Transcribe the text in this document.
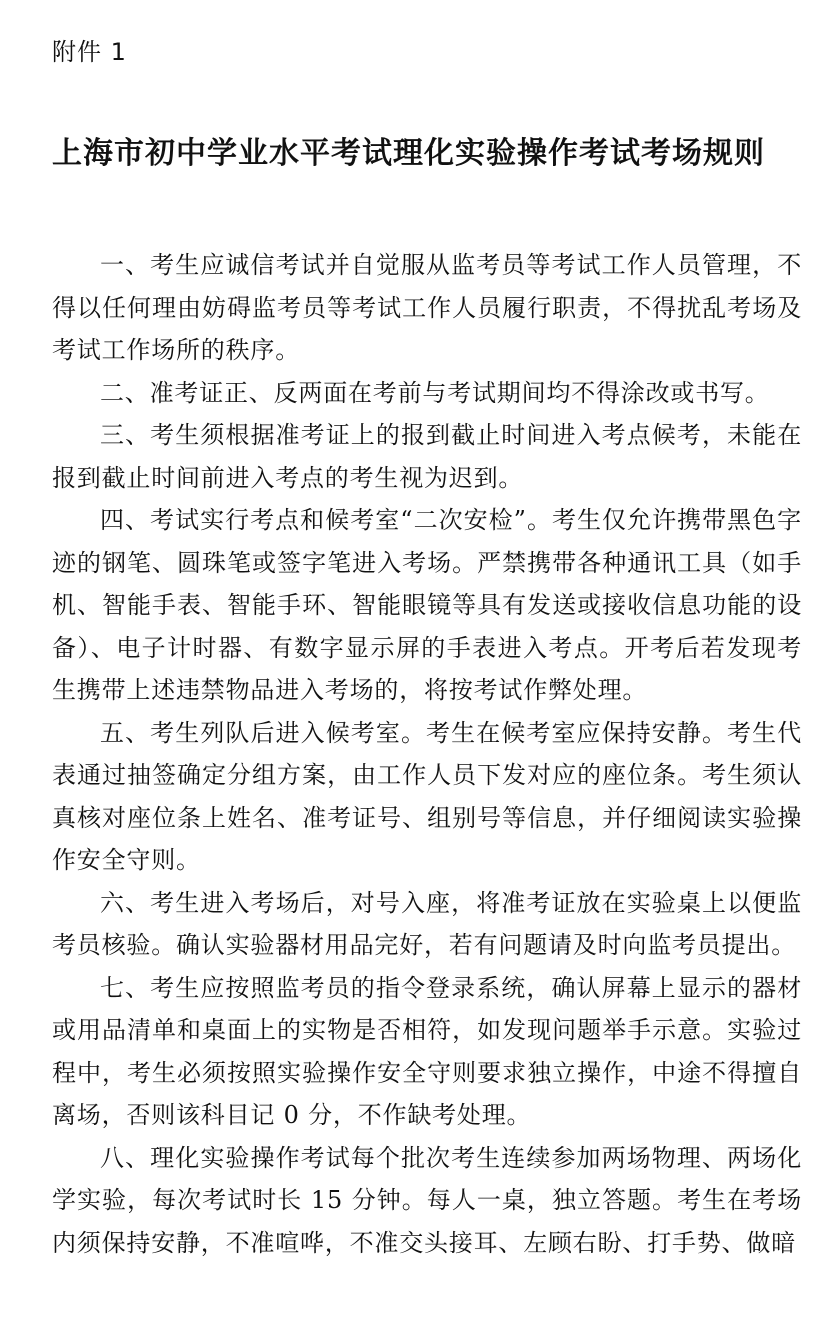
附件 1
上海市初中学业水平考试理化实验操作考试考场规则

一、考生应诚信考试并自觉服从监考员等考试工作人员管理，不得以任何理由妨碍监考员等考试工作人员履行职责，不得扰乱考场及考试工作场所的秩序。

二、准考证正、反两面在考前与考试期间均不得涂改或书写。

三、考生须根据准考证上的报到截止时间进入考点候考，未能在报到截止时间前进入考点的考生视为迟到。

四、考试实行考点和候考室“二次安检”。考生仅允许携带黑色字迹的钢笔、圆珠笔或签字笔进入考场。严禁携带各种通讯工具（如手机、智能手表、智能手环、智能眼镜等具有发送或接收信息功能的设备）、电子计时器、有数字显示屏的手表进入考点。开考后若发现考生携带上述违禁物品进入考场的，将按考试作弊处理。

五、考生列队后进入候考室。考生在候考室应保持安静。考生代表通过抽签确定分组方案，由工作人员下发对应的座位条。考生须认真核对座位条上姓名、准考证号、组别号等信息，并仔细阅读实验操作安全守则。

六、考生进入考场后，对号入座，将准考证放在实验桌上以便监考员核验。确认实验器材用品完好，若有问题请及时向监考员提出。

七、考生应按照监考员的指令登录系统，确认屏幕上显示的器材或用品清单和桌面上的实物是否相符，如发现问题举手示意。实验过程中，考生必须按照实验操作安全守则要求独立操作，中途不得擅自离场，否则该科目记 0 分，不作缺考处理。

八、理化实验操作考试每个批次考生连续参加两场物理、两场化学实验，每次考试时长 15 分钟。每人一桌，独立答题。考生在考场内须保持安静，不准喧哗，不准交头接耳、左顾右盼、打手势、做暗
